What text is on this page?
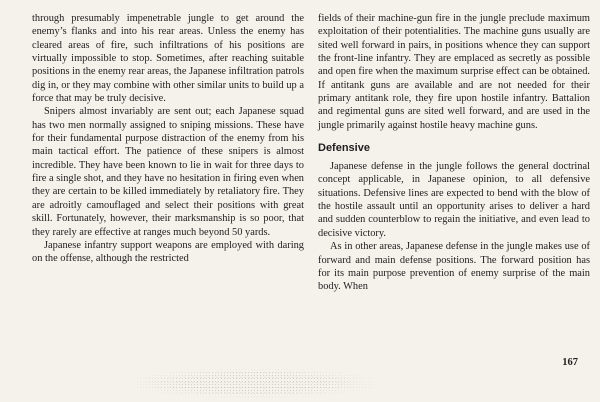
through presumably impenetrable jungle to get around the enemy’s flanks and into his rear areas. Unless the enemy has cleared areas of fire, such infiltrations of his positions are virtually impossible to stop. Sometimes, after reaching suitable positions in the enemy rear areas, the Japanese infiltration patrols dig in, or they may combine with other similar units to build up a force that may be truly decisive.

Snipers almost invariably are sent out; each Japanese squad has two men normally assigned to sniping missions. These have for their fundamental purpose distraction of the enemy from his main tactical effort. The patience of these snipers is almost incredible. They have been known to lie in wait for three days to fire a single shot, and they have no hesitation in firing even when they are certain to be killed immediately by retaliatory fire. They are adroitly camouflaged and select their positions with great skill. Fortunately, however, their marksmanship is so poor, that they rarely are effective at ranges much beyond 50 yards.

Japanese infantry support weapons are employed with daring on the offense, although the restricted

fields of their machine-gun fire in the jungle preclude maximum exploitation of their potentialities. The machine guns usually are sited well forward in pairs, in positions whence they can support the front-line infantry. They are emplaced as secretly as possible and open fire when the maximum surprise effect can be obtained. If antitank guns are available and are not needed for their primary antitank role, they fire upon hostile infantry. Battalion and regimental guns are sited well forward, and are used in the jungle primarily against hostile heavy machine guns.

Defensive

Japanese defense in the jungle follows the general doctrinal concept applicable, in Japanese opinion, to all defensive situations. Defensive lines are expected to bend with the blow of the hostile assault until an opportunity arises to deliver a hard and sudden counterblow to regain the initiative, and even lead to decisive victory.

As in other areas, Japanese defense in the jungle makes use of forward and main defense positions. The forward position has for its main purpose prevention of enemy surprise of the main body. When

167
